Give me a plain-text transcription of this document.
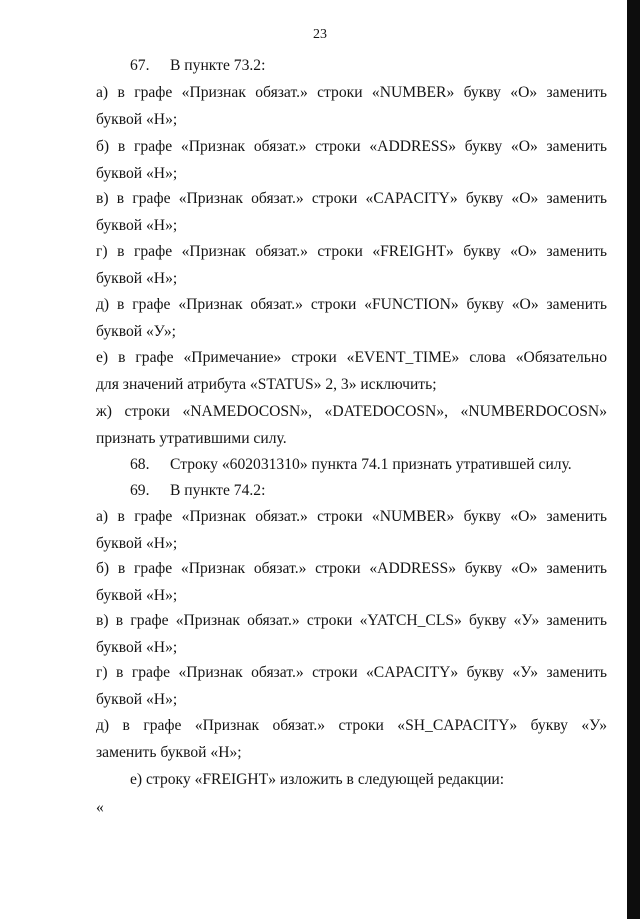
23
67. В пункте 73.2:
а) в графе «Признак обязат.» строки «NUMBER» букву «О» заменить
буквой «Н»;
б) в графе «Признак обязат.» строки «ADDRESS» букву «О» заменить
буквой «Н»;
в) в графе «Признак обязат.» строки «CAPACITY» букву «О» заменить
буквой «Н»;
г) в графе «Признак обязат.» строки «FREIGHT» букву «О» заменить
буквой «Н»;
д) в графе «Признак обязат.» строки «FUNCTION» букву «О» заменить
буквой «У»;
е) в графе «Примечание» строки «EVENT_TIME» слова «Обязательно
для значений атрибута «STATUS» 2, 3» исключить;
ж) строки «NAMEDOCOSN», «DATEDOCOSN», «NUMBERDOCOSN»
признать утратившими силу.
68. Строку «602031310» пункта 74.1 признать утратившей силу.
69. В пункте 74.2:
а) в графе «Признак обязат.» строки «NUMBER» букву «О» заменить
буквой «Н»;
б) в графе «Признак обязат.» строки «ADDRESS» букву «О» заменить
буквой «Н»;
в) в графе «Признак обязат.» строки «YATCH_CLS» букву «У» заменить
буквой «Н»;
г) в графе «Признак обязат.» строки «CAPACITY» букву «У» заменить
буквой «Н»;
д) в графе «Признак обязат.» строки «SH_CAPACITY» букву «У»
заменить буквой «Н»;
е) строку «FREIGHT» изложить в следующей редакции:
«
